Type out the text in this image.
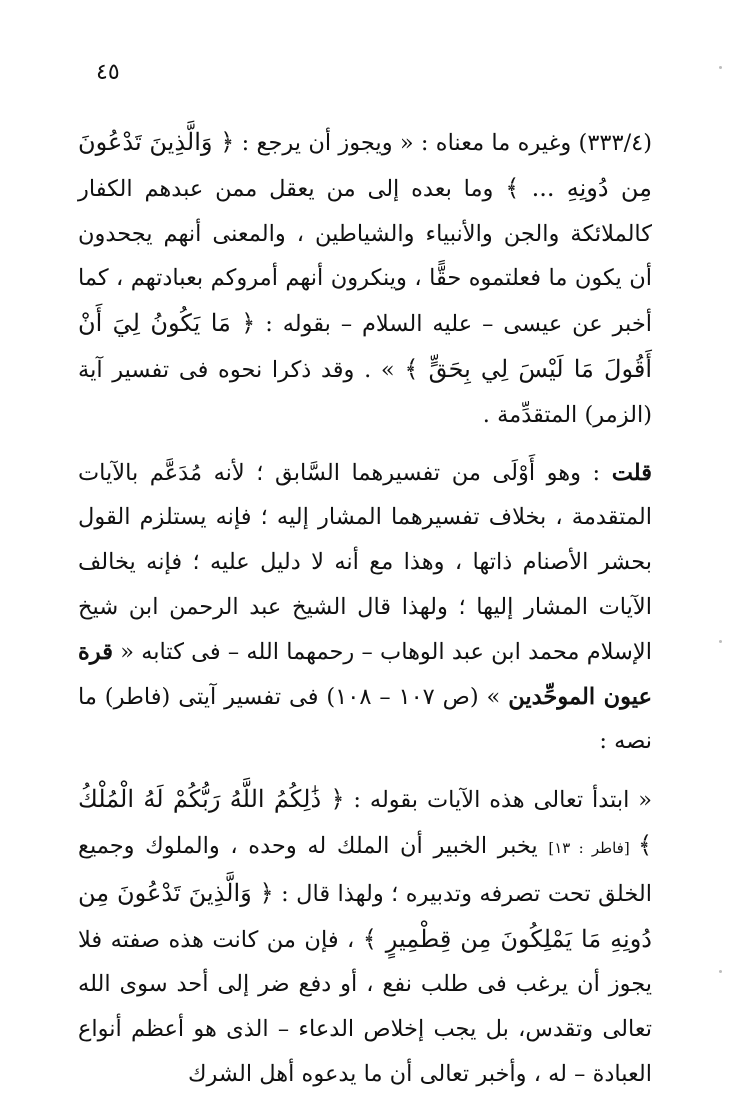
٤٥

(٣٣٣/٤) وغيره ما معناه : « ويجوز أن يرجع : ﴿ وَالَّذِينَ تَدْعُونَ مِن دُونِهِ ... ﴾ وما بعده إلى من يعقل ممن عبدهم الكفار كالملائكة والجن والأنبياء والشياطين ، والمعنى أنهم يجحدون أن يكون ما فعلتموه حقًّا ، وينكرون أنهم أمروكم بعبادتهم ، كما أخبر عن عيسى – عليه السلام – بقوله : ﴿ مَا يَكُونُ لِيَ أَنْ أَقُولَ مَا لَيْسَ لِي بِحَقٍّ ﴾ » . وقد ذكرا نحوه فى تفسير آية (الزمر) المتقدِّمة .

قلت : وهو أَوْلَى من تفسيرهما السَّابق ؛ لأنه مُدَعَّم بالآيات المتقدمة ، بخلاف تفسيرهما المشار إليه ؛ فإنه يستلزم القول بحشر الأصنام ذاتها ، وهذا مع أنه لا دليل عليه ؛ فإنه يخالف الآيات المشار إليها ؛ ولهذا قال الشيخ عبد الرحمن ابن شيخ الإسلام محمد ابن عبد الوهاب – رحمهما الله – فى كتابه « قرة عيون الموحِّدين » (ص ١٠٧ – ١٠٨) فى تفسير آيتى (فاطر) ما نصه :

« ابتدأ تعالى هذه الآيات بقوله : ﴿ ذَٰلِكُمُ اللَّهُ رَبُّكُمْ لَهُ الْمُلْكُ ﴾ [فاطر : ١٣] يخبر الخبير أن الملك له وحده ، والملوك وجميع الخلق تحت تصرفه وتدبيره ؛ ولهذا قال : ﴿ وَالَّذِينَ تَدْعُونَ مِن دُونِهِ مَا يَمْلِكُونَ مِن قِطْمِيرٍ ﴾ ، فإن من كانت هذه صفته فلا يجوز أن يرغب فى طلب نفع ، أو دفع ضر إلى أحد سوى الله تعالى وتقدس، بل يجب إخلاص الدعاء – الذى هو أعظم أنواع العبادة – له ، وأخبر تعالى أن ما يدعوه أهل الشرك
